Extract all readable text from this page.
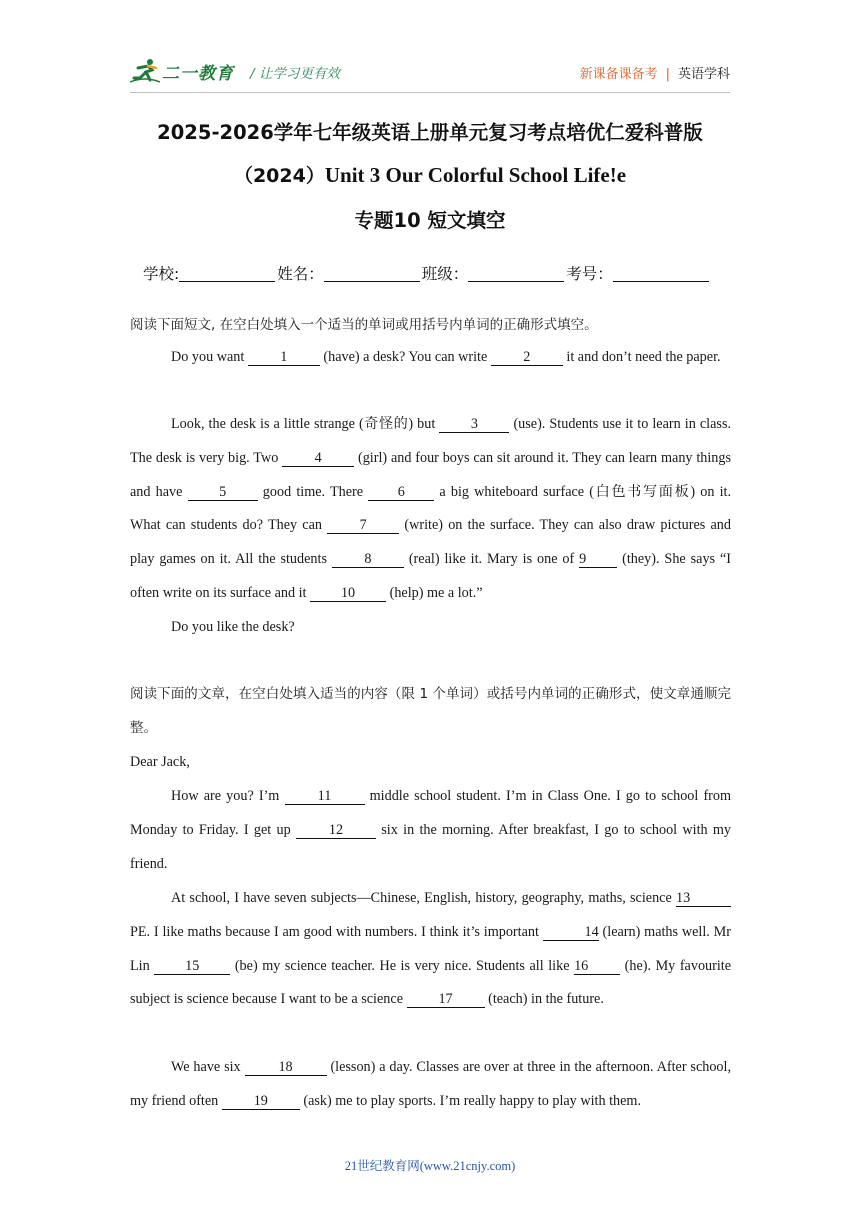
二一教育 / 让学习更有效	新课备课备考 | 英语学科
2025-2026学年七年级英语上册单元复习考点培优仁爱科普版
（2024）Unit 3 Our Colorful School Life!e
专题10 短文填空
学校:	姓名：	班级：	考号：
阅读下面短文, 在空白处填入一个适当的单词或用括号内单词的正确形式填空。
Do you want	1	(have) a desk? You can write	2	it and don’t need the paper.
Look, the desk is a little strange (奇怪的) but	3	(use). Students use it to learn in class. The desk is very big. Two	4	(girl) and four boys can sit around it. They can learn many things and have	5	good time. There 6 a big whiteboard surface (白色书写面板) on it. What can students do? They can	7	(write) on the surface. They can also draw pictures and play games on it. All the students	8	(real) like it. Mary is one of 9	(they). She says “I often write on its surface and it 10 (help) me a lot.”
Do you like the desk?
阅读下面的文章，在空白处填入适当的内容（限 1 个单词）或括号内单词的正确形式，使文章通顺完整。
Dear Jack,
How are you? I’m	11	middle school student. I’m in Class One. I go to school from Monday to Friday. I get up	12	six in the morning. After breakfast, I go to school with my friend.
At school, I have seven subjects—Chinese, English, history, geography, maths, science 13 PE. I like maths because I am good with numbers. I think it’s important	14 (learn) maths well. Mr Lin 15 (be) my science teacher. He is very nice. Students all like 16	(he). My favourite subject is science because I want to be a science 17 (teach) in the future.
We have six	18	(lesson) a day. Classes are over at three in the afternoon. After school, my friend often 19 (ask) me to play sports. I’m really happy to play with them.
21世纪教育网(www.21cnjy.com)
